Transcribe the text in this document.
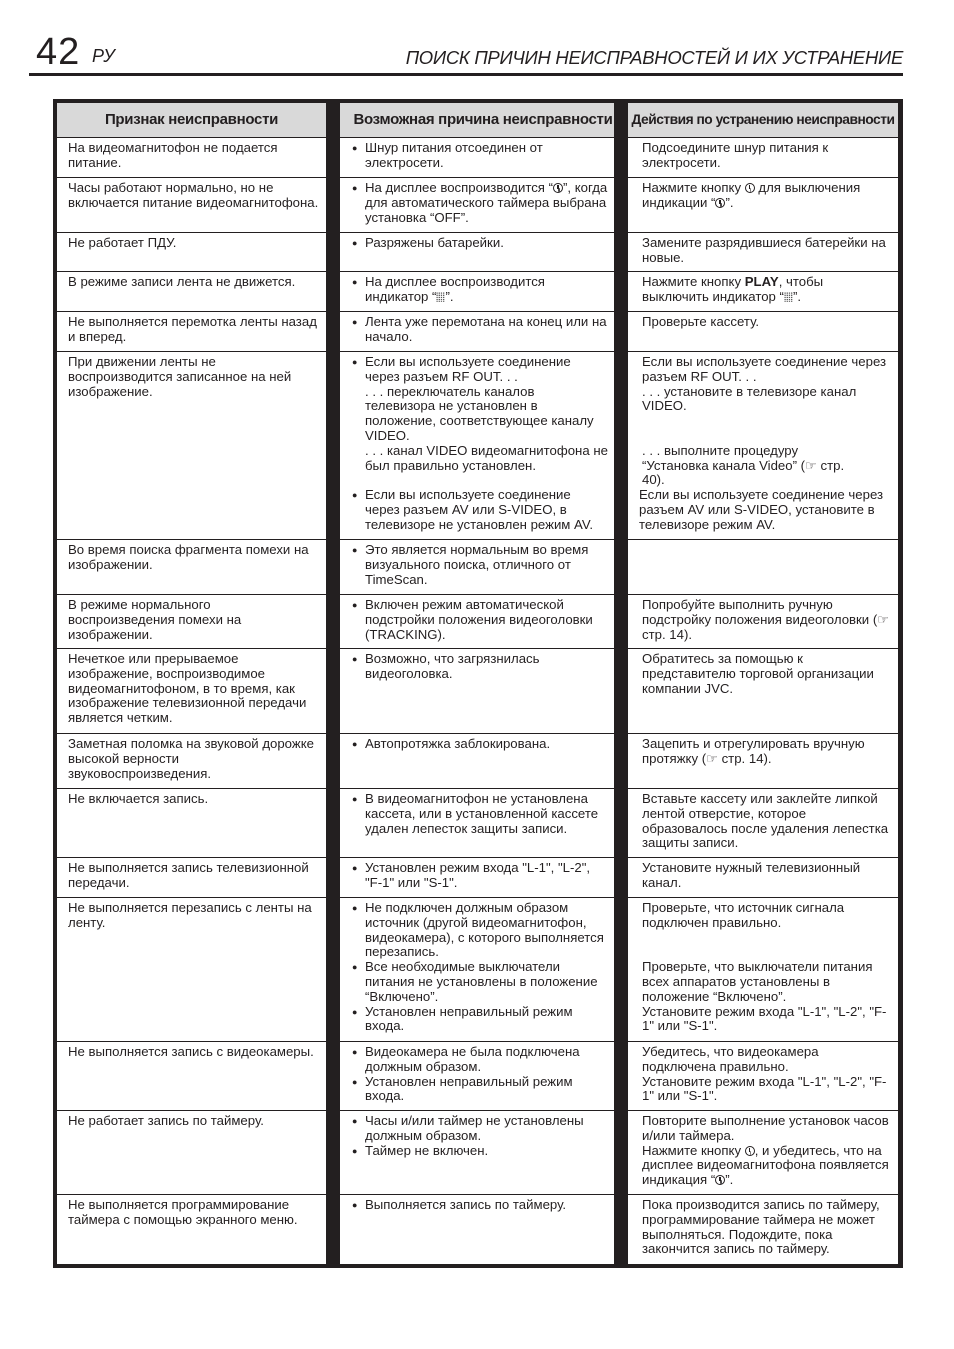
42 РУ	ПОИСК ПРИЧИН НЕИСПРАВНОСТЕЙ И ИХ УСТРАНЕНИЕ
Признак неисправности
На видеомагнитофон не подается питание.
Часы работают нормально, но не включается питание видеомагнитофона.
Не работает ПДУ.
В режиме записи лента не движется.
Не выполняется перемотка ленты назад и вперед.
При движении ленты не воспроизводится записанное на ней изображение.
Во время поиска фрагмента помехи на изображении.
В режиме нормального воспроизведения помехи на изображении.
Нечеткое или прерываемое изображение, воспроизводимое видеомагнитофоном, в то время, как изображение телевизионной передачи является четким.
Заметная поломка на звуковой дорожке высокой верности звуковоспроизведения.
Не включается запись.
Не выполняется запись телевизионной передачи.
Не выполняется перезапись с ленты на ленту.
Не выполняется запись с видеокамеры.
Не работает запись по таймеру.
Не выполняется программирование таймера с помощью экранного меню.
Возможная причина неисправности
● Шнур питания отсоединен от электросети.
● На дисплее воспроизводится “ ”, когда для автоматического таймера выбрана установка “OFF”.
● Разряжены батарейки.
● На дисплее воспроизводится индикатор “ ”.
● Лента уже перемотана на конец или на начало.
● Если вы используете соединение через разъем RF OUT. . .
. . . переключатель каналов телевизора не установлен в положение, соответствующее каналу VIDEO.
. . . канал VIDEO видеомагнитофона не был правильно установлен.
● Если вы используете соединение через разъем AV или S-VIDEO, в телевизоре не установлен режим AV.
● Это является нормальным во время визуального поиска, отличного от TimeScan.
● Включен режим автоматической подстройки положения видеоголовки (TRACKING).
● Возможно, что загрязнилась видеоголовка.
● Автопротяжка заблокирована.
● В видеомагнитофон не установлена кассета, или в установленной кассете удален лепесток защиты записи.
● Установлен режим входа "L-1", "L-2", "F-1" или "S-1".
● Не подключен должным образом источник (другой видеомагнитофон, видеокамера), с которого выполняется перезапись.
● Все необходимые выключатели питания не установлены в положение “Включено”.
● Установлен неправильный режим входа.
● Видеокамера не была подключена должным образом.
● Установлен неправильный режим входа.
● Часы и/или таймер не установлены должным образом.
● Таймер не включен.
● Выполняется запись по таймеру.
Действия по устранению неисправности
Подсоедините шнур питания к электросети.
Нажмите кнопку  для выключения индикации “ ”.
Замените разрядившиеся батерейки на новые.
Нажмите кнопку PLAY, чтобы выключить индикатор “ ”.
Проверьте кассету.
Если вы используете соединение через разъем RF OUT. . .
. . . установите в телевизоре канал VIDEO.
. . . выполните процедуру “Установка канала Video” (☞ стр. 40).
Если вы используете соединение через разъем AV или S-VIDEO, установите в телевизоре режим AV.
Попробуйте выполнить ручную подстройку положения видеоголовки (☞ стр. 14).
Обратитесь за помощью к представителю торговой организации компании JVC.
Зацепить и отрегулировать вручную протяжку (☞ стр. 14).
Вставьте кассету или заклейте липкой лентой отверстие, которое образовалось после удаления лепестка защиты записи.
Установите нужный телевизионный канал.
Проверьте, что источник сигнала подключен правильно.
Проверьте, что выключатели питания всех аппаратов установлены в положение “Включено”.
Установите режим входа "L-1", "L-2", "F-1" или "S-1".
Убедитесь, что видеокамера подключена правильно.
Установите режим входа "L-1", "L-2", "F-1" или "S-1".
Повторите выполнение установок часов и/или таймера.
Нажмите кнопку , и убедитесь, что на дисплее видеомагнитофона появляется индикация “ ”.
Пока производится запись по таймеру, программирование таймера не может выполняться. Подождите, пока закончится запись по таймеру.
